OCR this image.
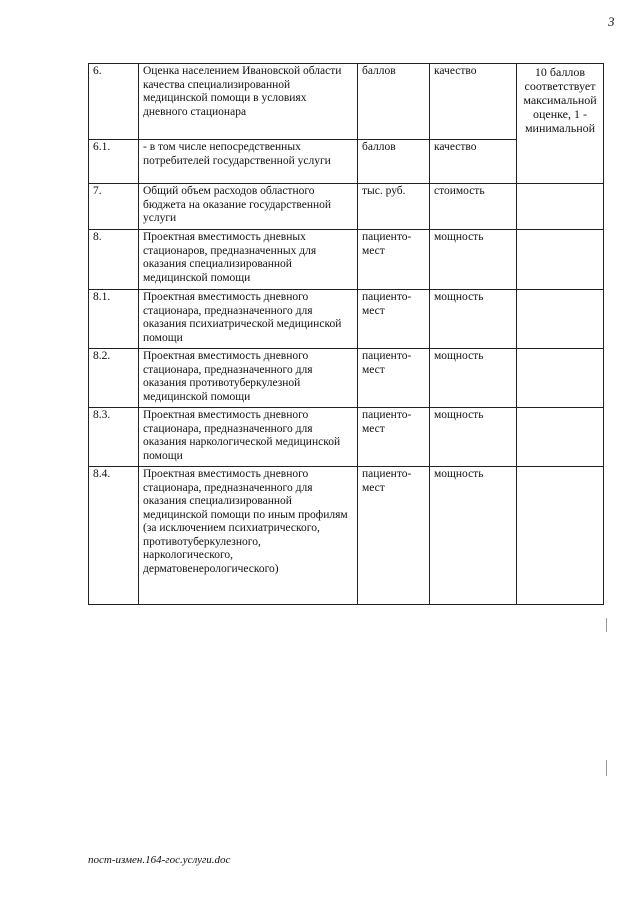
3
6.	Оценка населением Ивановской области качества специализированной медицинской помощи в условиях дневного стационара	баллов	качество	10 баллов соответствует максимальной оценке, 1 - минимальной
6.1.	- в том числе непосредственных потребителей государственной услуги	баллов	качество	
7.	Общий объем расходов областного бюджета на оказание государственной услуги	тыс. руб.	стоимость	
8.	Проектная вместимость дневных стационаров, предназначенных для оказания специализированной медицинской помощи	пациенто-мест	мощность	
8.1.	Проектная вместимость дневного стационара, предназначенного для оказания психиатрической медицинской помощи	пациенто-мест	мощность	
8.2.	Проектная вместимость дневного стационара, предназначенного для оказания противотуберкулезной медицинской помощи	пациенто-мест	мощность	
8.3.	Проектная вместимость дневного стационара, предназначенного для оказания наркологической медицинской помощи	пациенто-мест	мощность	
8.4.	Проектная вместимость дневного стационара, предназначенного для оказания специализированной медицинской помощи по иным профилям (за исключением психиатрического, противотуберкулезного, наркологического, дерматовенерологического)	пациенто-мест	мощность	
пост-измен.164-гос.услуги.doc
